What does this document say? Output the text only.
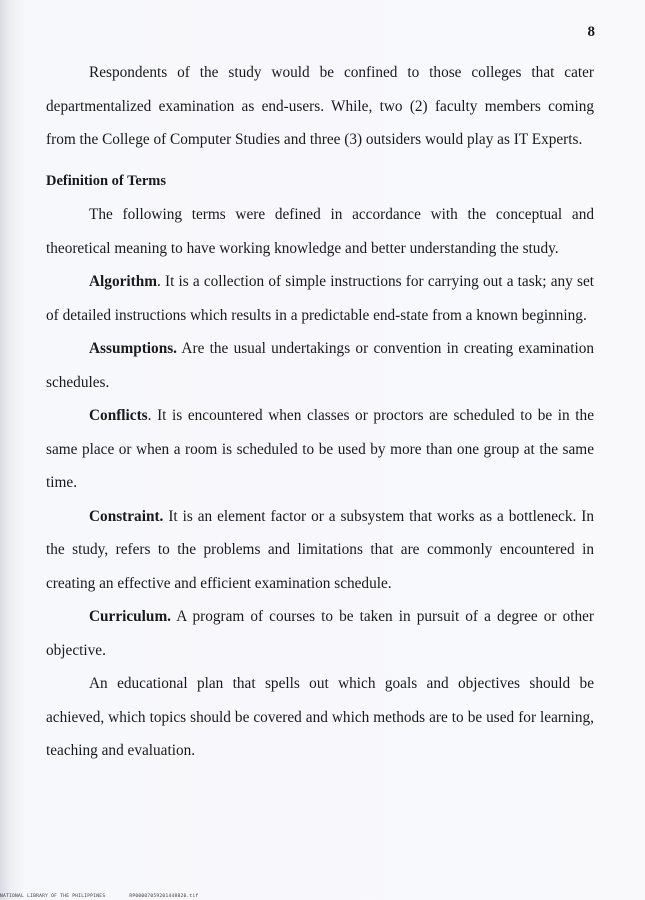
8

Respondents of the study would be confined to those colleges that cater departmentalized examination as end-users. While, two (2) faculty members coming from the College of Computer Studies and three (3) outsiders would play as IT Experts.

Definition of Terms

The following terms were defined in accordance with the conceptual and theoretical meaning to have working knowledge and better understanding the study.

Algorithm. It is a collection of simple instructions for carrying out a task; any set of detailed instructions which results in a predictable end-state from a known beginning.

Assumptions. Are the usual undertakings or convention in creating examination schedules.

Conflicts. It is encountered when classes or proctors are scheduled to be in the same place or when a room is scheduled to be used by more than one group at the same time.

Constraint. It is an element factor or a subsystem that works as a bottleneck. In the study, refers to the problems and limitations that are commonly encountered in creating an effective and efficient examination schedule.

Curriculum. A program of courses to be taken in pursuit of a degree or other objective.

An educational plan that spells out which goals and objectives should be achieved, which topics should be covered and which methods are to be used for learning, teaching and evaluation.

NATIONAL LIBRARY OF THE PHILIPPINES	RP00007059201448820.tif
